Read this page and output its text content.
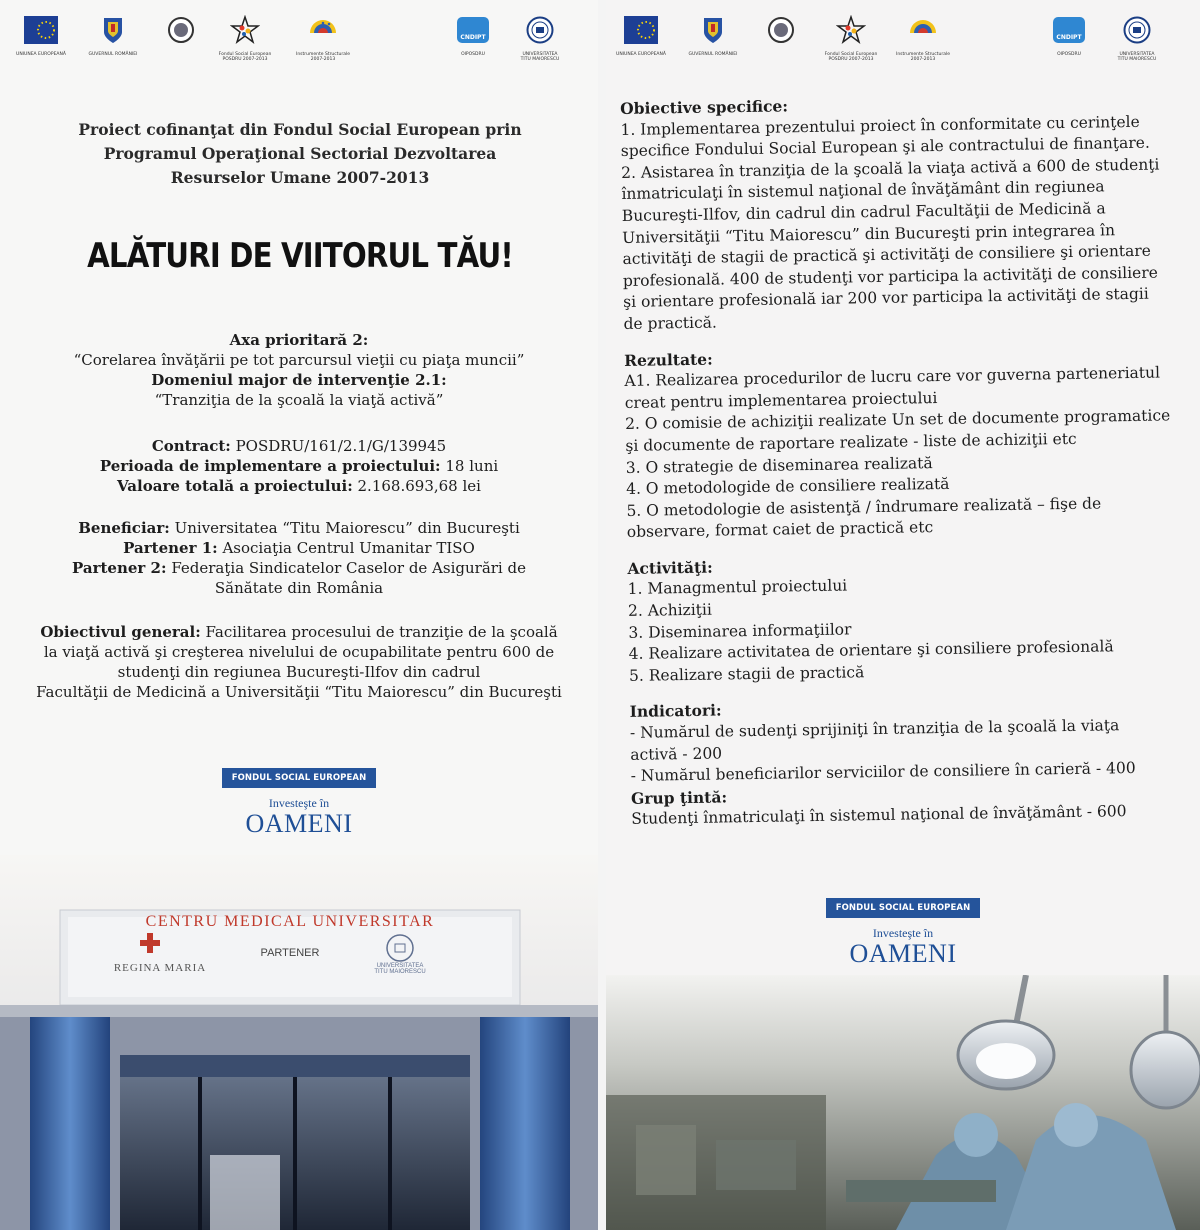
UNIUNEA EUROPEANĂ	GUVERNUL ROMÂNIEI	Fondul Social European
POSDRU 2007-2013
Instrumente Structurale
2007-2013
CNDIPT
OIPOSDRU	UNIVERSITATEA
TITU MAIORESCU
Proiect cofinanţat din Fondul Social European prin
Programul Operaţional Sectorial Dezvoltarea
Resurselor Umane 2007-2013
ALĂTURI DE VIITORUL TĂU!
Axa prioritară 2:
“Corelarea învăţării pe tot parcursul vieţii cu piaţa muncii”
Domeniul major de intervenţie 2.1:
“Tranziţia de la şcoală la viaţă activă”
Contract: POSDRU/161/2.1/G/139945
Perioada de implementare a proiectului: 18 luni
Valoare totală a proiectului: 2.168.693,68 lei
Beneficiar: Universitatea “Titu Maiorescu” din Bucureşti
Partener 1: Asociaţia Centrul Umanitar TISO
Partener 2: Federaţia Sindicatelor Caselor de Asigurări de
Sănătate din România
Obiectivul general: Facilitarea procesului de tranziţie de la şcoală
la viaţă activă şi creşterea nivelului de ocupabilitate pentru 600 de
studenţi din regiunea Bucureşti-Ilfov din cadrul
Facultăţii de Medicină a Universităţii “Titu Maiorescu” din Bucureşti
FONDUL SOCIAL EUROPEAN
Investeşte în
OAMENI
CENTRU MEDICAL UNIVERSITAR
REGINA MARIA
PARTENER
UNIVERSITATEA
TITU MAIORESCU
UNIUNEA EUROPEANĂ	GUVERNUL ROMÂNIEI	Fondul Social European
POSDRU 2007-2013
Instrumente Structurale
2007-2013
CNDIPT
OIPOSDRU	UNIVERSITATEA
TITU MAIORESCU
Obiective specifice:
1. Implementarea prezentului proiect în conformitate cu cerinţele
specifice Fondului Social European şi ale contractului de finanţare.
2. Asistarea în tranziţia de la şcoală la viaţa activă a 600 de studenţi
înmatriculaţi în sistemul naţional de învăţământ din regiunea
Bucureşti-Ilfov, din cadrul din cadrul Facultăţii de Medicină a
Universităţii “Titu Maiorescu” din Bucureşti prin integrarea în
activităţi de stagii de practică şi activităţi de consiliere şi orientare
profesională. 400 de studenţi vor participa la activităţi de consiliere
şi orientare profesională iar 200 vor participa la activităţi de stagii
de practică.
Rezultate:
A1. Realizarea procedurilor de lucru care vor guverna parteneriatul
creat pentru implementarea proiectului
2. O comisie de achiziţii realizate Un set de documente programatice
şi documente de raportare realizate - liste de achiziţii etc
3. O strategie de diseminarea realizată
4. O metodologide de consiliere realizată
5. O metodologie de asistenţă / îndrumare realizată – fişe de
observare, format caiet de practică etc
Activităţi:
1. Managmentul proiectului
2. Achiziţii
3. Diseminarea informaţiilor
4. Realizare activitatea de orientare şi consiliere profesională
5. Realizare stagii de practică
Indicatori:
- Numărul de sudenţi sprijiniţi în tranziţia de la şcoală la viaţa
activă - 200
- Numărul beneficiarilor serviciilor de consiliere în carieră - 400
Grup ţintă:
Studenţi înmatriculaţi în sistemul naţional de învăţământ - 600
FONDUL SOCIAL EUROPEAN
Investeşte în
OAMENI
